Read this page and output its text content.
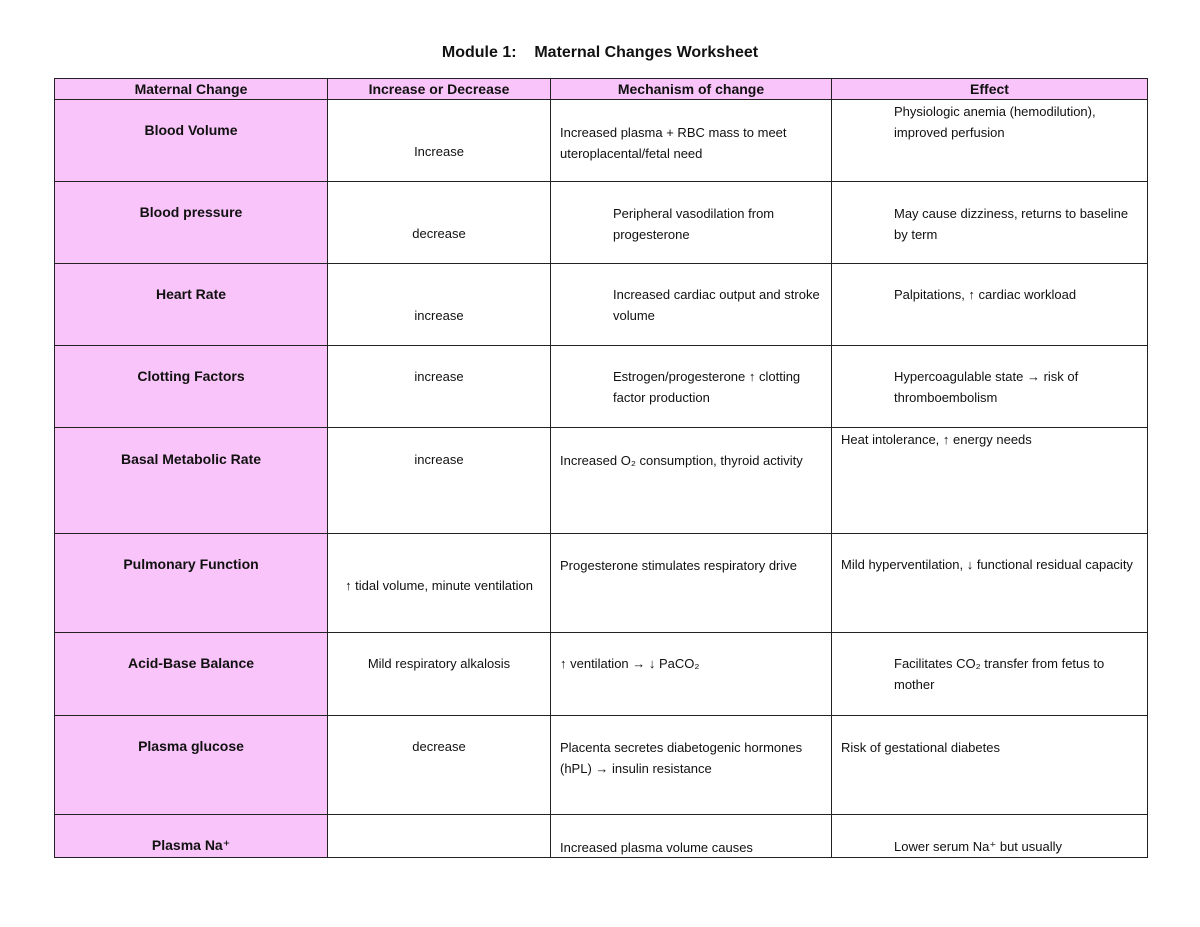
Module 1:    Maternal Changes Worksheet
Maternal Change	Increase or Decrease	Mechanism of change	Effect

Blood Volume	Increase	Increased plasma + RBC mass to meet uteroplacental/fetal need	Physiologic anemia (hemodilution), improved perfusion

Blood pressure	decrease	Peripheral vasodilation from progesterone	May cause dizziness, returns to baseline by term

Heart Rate	increase	Increased cardiac output and stroke volume	Palpitations, ↑ cardiac workload

Clotting Factors	increase	Estrogen/progesterone ↑ clotting factor production	Hypercoagulable state → risk of thromboembolism

Basal Metabolic Rate	increase	Increased O₂ consumption, thyroid activity	Heat intolerance, ↑ energy needs

Pulmonary Function	↑ tidal volume, minute ventilation	Progesterone stimulates respiratory drive	Mild hyperventilation, ↓ functional residual capacity

Acid-Base Balance	Mild respiratory alkalosis	↑ ventilation → ↓ PaCO₂	Facilitates CO₂ transfer from fetus to mother

Plasma glucose	decrease	Placenta secretes diabetogenic hormones (hPL) → insulin resistance	Risk of gestational diabetes

Plasma Na⁺		Increased plasma volume causes	Lower serum Na⁺ but usually
